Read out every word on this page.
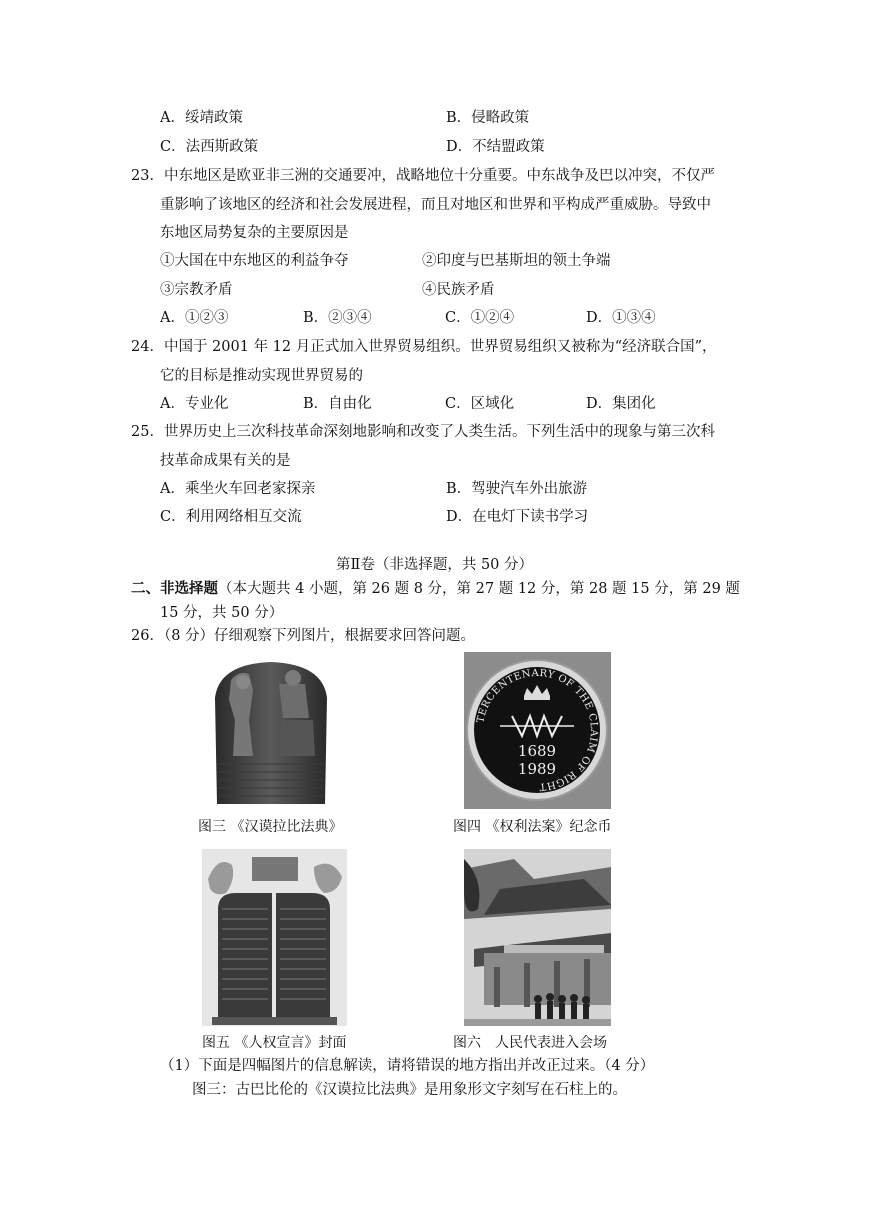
A．绥靖政策	B．侵略政策
C．法西斯政策	D．不结盟政策
23．中东地区是欧亚非三洲的交通要冲，战略地位十分重要。中东战争及巴以冲突，不仅严
重影响了该地区的经济和社会发展进程，而且对地区和世界和平构成严重威胁。导致中
东地区局势复杂的主要原因是
①大国在中东地区的利益争夺	②印度与巴基斯坦的领土争端
③宗教矛盾	④民族矛盾
A．①②③	B．②③④	C．①②④	D．①③④
24．中国于 2001 年 12 月正式加入世界贸易组织。世界贸易组织又被称为“经济联合国”，
它的目标是推动实现世界贸易的
A．专业化	B．自由化	C．区域化	D．集团化
25．世界历史上三次科技革命深刻地影响和改变了人类生活。下列生活中的现象与第三次科
技革命成果有关的是
A．乘坐火车回老家探亲	B．驾驶汽车外出旅游
C．利用网络相互交流	D．在电灯下读书学习
第Ⅱ卷（非选择题，共 50 分）
二、非选择题（本大题共 4 小题，第 26 题 8 分，第 27 题 12 分，第 28 题 15 分，第 29 题
15 分，共 50 分）
26．（8 分）仔细观察下列图片，根据要求回答问题。
TERCENTENARY OF THE CLAIM OF RIGHT
1689
1989
图三 《汉谟拉比法典》	图四 《权利法案》纪念币
图五 《人权宣言》封面	图六　人民代表进入会场
（1）下面是四幅图片的信息解读，请将错误的地方指出并改正过来。（4 分）
图三：古巴比伦的《汉谟拉比法典》是用象形文字刻写在石柱上的。
